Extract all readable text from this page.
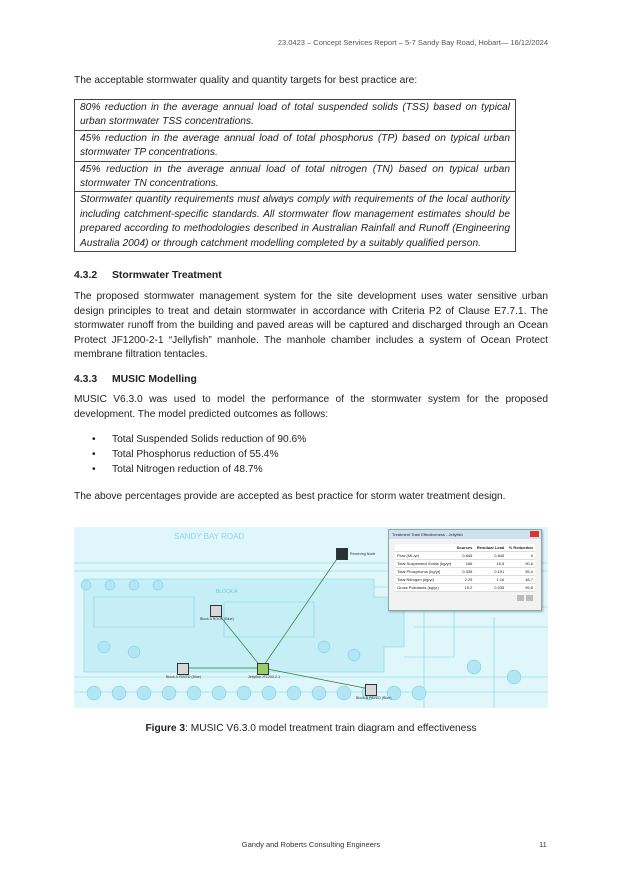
23.0423 – Concept Services Report – 5-7 Sandy Bay Road, Hobart— 16/12/2024
The acceptable stormwater quality and quantity targets for best practice are:
80% reduction in the average annual load of total suspended solids (TSS) based on typical urban stormwater TSS concentrations.
45% reduction in the average annual load of total phosphorus (TP) based on typical urban stormwater TP concentrations.
45% reduction in the average annual load of total nitrogen (TN) based on typical urban stormwater TN concentrations.
Stormwater quantity requirements must always comply with requirements of the local authority including catchment-specific standards. All stormwater flow management estimates should be prepared according to methodologies described in Australian Rainfall and Runoff (Engineering Australia 2004) or through catchment modelling completed by a suitably qualified person.
4.3.2 Stormwater Treatment
The proposed stormwater management system for the site development uses water sensitive urban design principles to treat and detain stormwater in accordance with Criteria P2 of Clause E7.7.1. The stormwater runoff from the building and paved areas will be captured and discharged through an Ocean Protect JF1200-2-1 “Jellyfish” manhole. The manhole chamber includes a system of Ocean Protect membrane filtration tentacles.
4.3.3 MUSIC Modelling
MUSIC V6.3.0 was used to model the performance of the stormwater system for the proposed development. The model predicted outcomes as follows:
• Total Suspended Solids reduction of 90.6%
• Total Phosphorus reduction of 55.4%
• Total Nitrogen reduction of 48.7%
The above percentages provide are accepted as best practice for storm water treatment design.
SANDY BAY ROAD
BLOCK A
Block A ROOF (Blue)
Block A PAVED (Blue)	Jellyfish JF1200-2-1
Block B PAVED (Blue)
Receiving Node
Treatment Train Effectiveness - Jellyfish
	Sources	Residual Load	% Reduction
Flow (ML/yr)	0.845	0.845	0
Total Suspended Solids (kg/yr)	166	15.5	90.6
Total Phosphorus (kg/yr)	0.338	0.151	55.4
Total Nitrogen (kg/yr)	2.25	1.16	48.7
Gross Pollutants (kg/yr)	19.2	0.035	99.8
Figure 3: MUSIC V6.3.0 model treatment train diagram and effectiveness
Gandy and Roberts Consulting Engineers	11
